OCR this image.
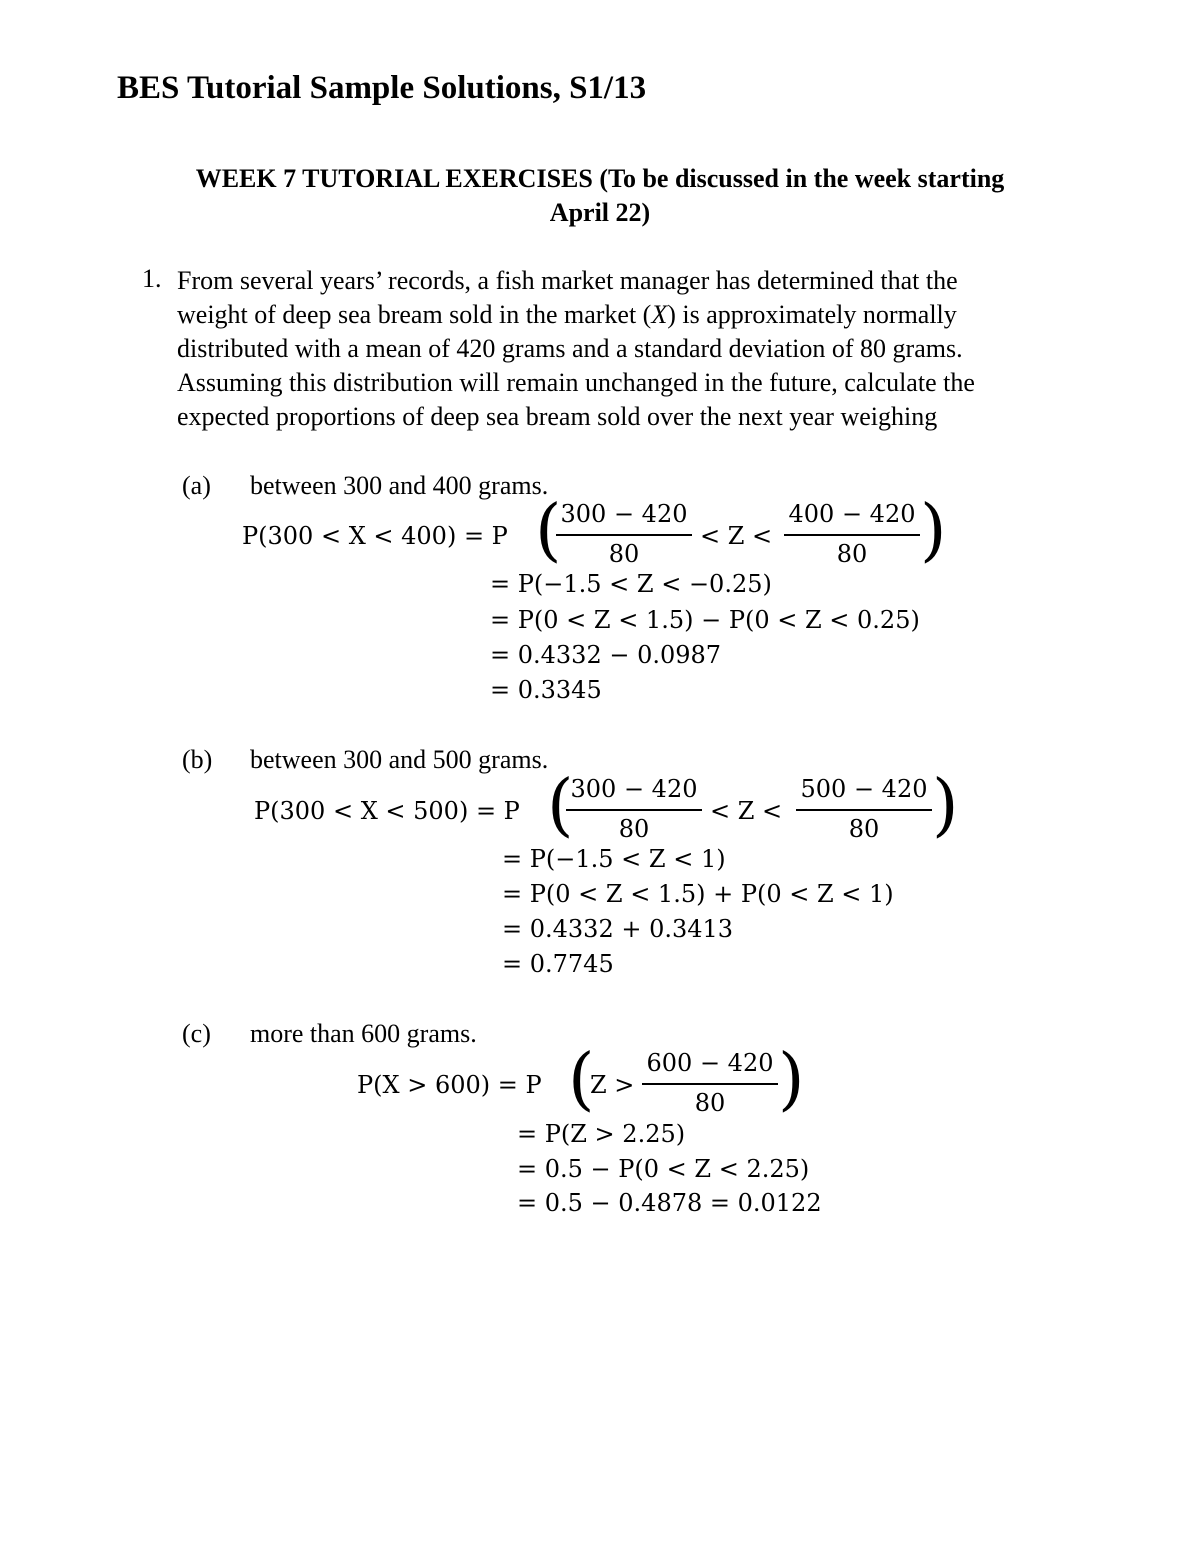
BES Tutorial Sample Solutions, S1/13
WEEK 7 TUTORIAL EXERCISES (To be discussed in the week starting
April 22)
1. From several years’ records, a fish market manager has determined that the

weight of deep sea bream sold in the market (X) is approximately normally

distributed with a mean of 420 grams and a standard deviation of 80 grams.

Assuming this distribution will remain unchanged in the future, calculate the

expected proportions of deep sea bream sold over the next year weighing

(a) between 300 and 400 grams.
P(300 < X < 400) = P (
300 − 420
80
< Z <
400 − 420
80 )
= P(−1.5 < Z < −0.25)
= P(0 < Z < 1.5) − P(0 < Z < 0.25)
= 0.4332 − 0.0987
= 0.3345
(b) between 300 and 500 grams.
P(300 < X < 500) = P (
300 − 420
80
< Z <
500 − 420
80 )
= P(−1.5 < Z < 1)
= P(0 < Z < 1.5) + P(0 < Z < 1)
= 0.4332 + 0.3413
= 0.7745
(c) more than 600 grams.
P(X > 600) = P (
Z >
600 − 420
80 )
= P(Z > 2.25)
= 0.5 − P(0 < Z < 2.25)
= 0.5 − 0.4878 = 0.0122
